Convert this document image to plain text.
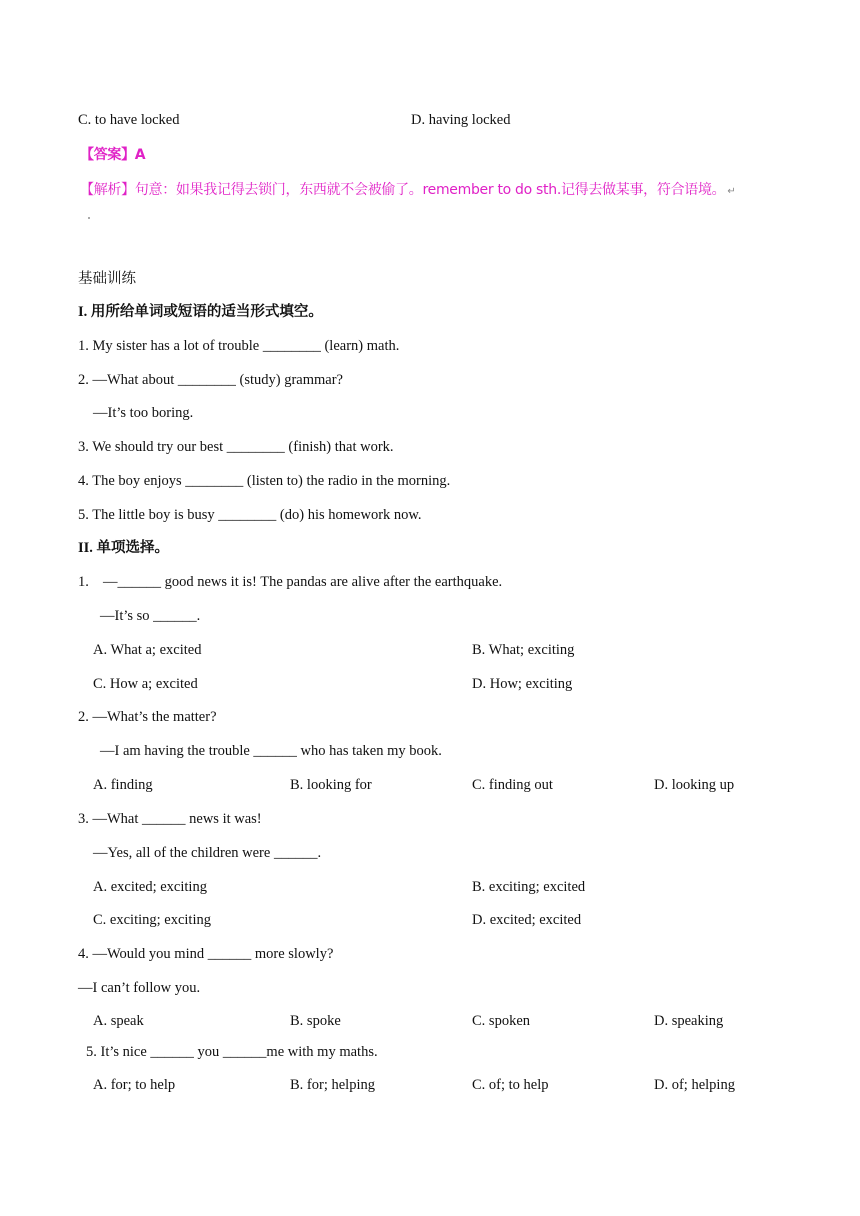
C. to have locked	D. having locked
【答案】A
【解析】句意：如果我记得去锁门，东西就不会被偷了。remember to do sth.记得去做某事，符合语境。 ↵
基础训练
I. 用所给单词或短语的适当形式填空。
1. My sister has a lot of trouble ________ (learn) math.
2. —What about ________ (study) grammar?
—It’s too boring.
3. We should try our best ________ (finish) that work.
4. The boy enjoys ________ (listen to) the radio in the morning.
5. The little boy is busy ________ (do) his homework now.
II. 单项选择。
1. —______ good news it is! The pandas are alive after the earthquake.
—It’s so ______.
A. What a; excited	B. What; exciting
C. How a; excited	D. How; exciting
2. —What’s the matter?
—I am having the trouble ______ who has taken my book.
A. finding	B. looking for	C. finding out	D. looking up
3. —What ______ news it was!
—Yes, all of the children were ______.
A. excited; exciting	B. exciting; excited
C. exciting; exciting	D. excited; excited
4. —Would you mind ______ more slowly?
—I can’t follow you.
A. speak	B. spoke	C. spoken	D. speaking
5. It’s nice ______ you ______me with my maths.
A. for; to help	B. for; helping	C. of; to help	D. of; helping
